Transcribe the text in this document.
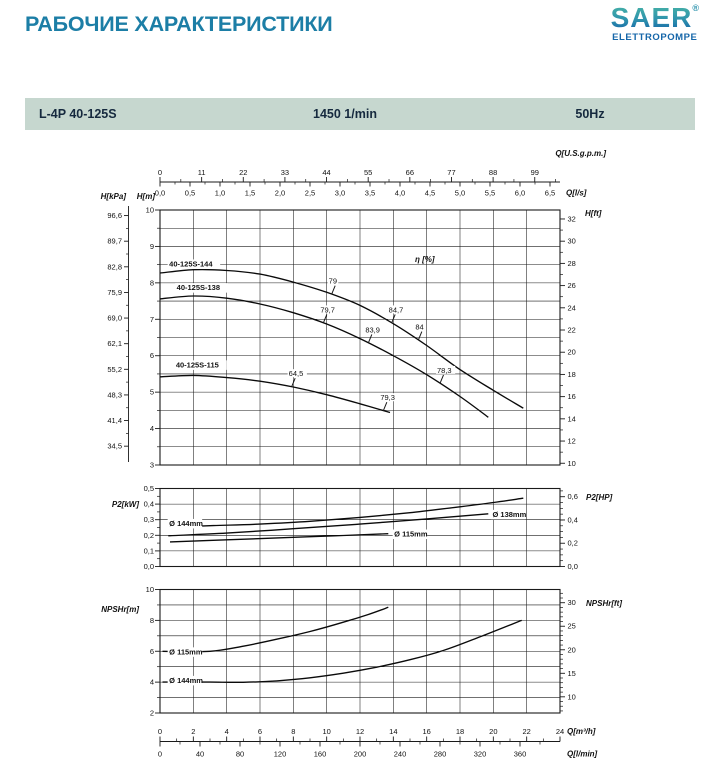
РАБОЧИЕ ХАРАКТЕРИСТИКИ	SAER®
ELETTROPOMPE
L-4P 40-125S	1450 1/min	50Hz
Q[U.S.g.p.m.]
0	11	22	33	44	55	66	77	88	99
0,0	0,5	1,0	1,5	2,0	2,5	3,0	3,5	4,0	4,5	5,0	5,5	6,0	6,5 Q[l/s]
H[m]
10
9
8
7
6
5
4
3
H[kPa]
96,6
89,7
82,8
75,9
69,0
62,1
55,2
48,3
41,4
34,5
H[ft]
32
30
28
26
24
22
20
18
16
14
12
10
40-125S-144
40-125S-138
40-125S-115
η [%]
79
84,7
84
79,7
83,9
78,3
64,5
79,3
P2[kW]
0,5
0,4
0,3
0,2
0,1
0,0
P2[HP]
0,6
0,4
0,2
0,0
Ø 144mm
Ø 138mm
Ø 115mm
NPSHr[m]
10
8
6
4
2
NPSHr[ft]
30
25
20
15
10
Ø 115mm
Ø 144mm
0	2	4	6	8	10	12	14	16	18	20	22	24 Q[m³/h]
0	40	80	120	160	200	240	280	320	360	Q[l/min]
